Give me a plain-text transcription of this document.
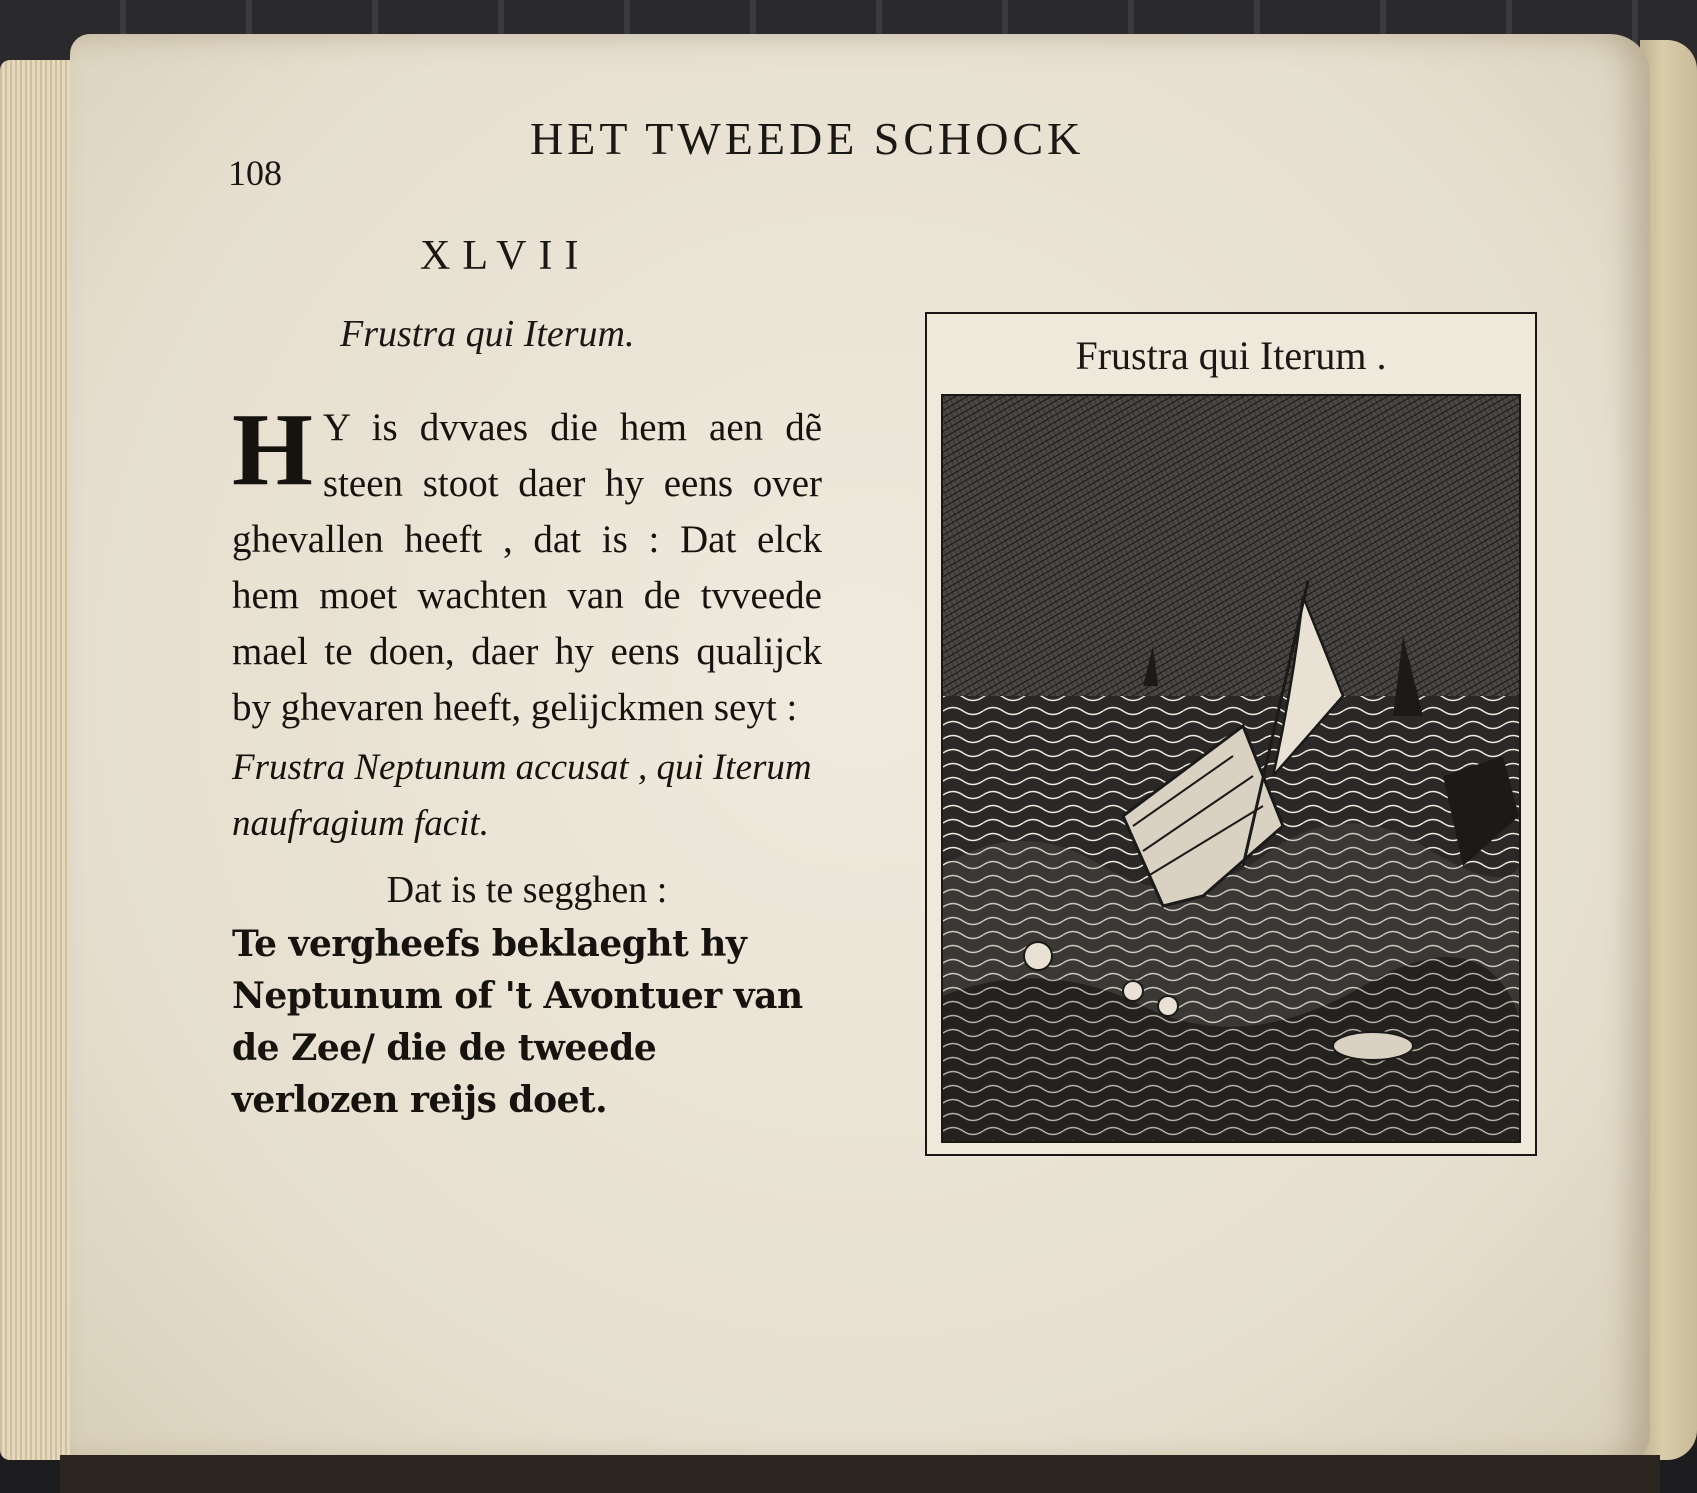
108
HET TWEEDE SCHOCK
XLVII
Frustra qui Iterum.

H Y is dvvaes die hem aen dẽ steen stoot daer hy eens over ghevallen heeft , dat is : Dat elck hem moet wachten van de tvveede mael te doen, daer hy eens qualijck by ghevaren heeft, gelijckmen seyt :

Frustra Neptunum accusat , qui Iterum naufragium facit.

Dat is te segghen :

Te vergheefs beklaeght hy Neptunum of 't Avontuer van de Zee/ die de tweede verlozen reijs doet.

Frustra qui Iterum .
